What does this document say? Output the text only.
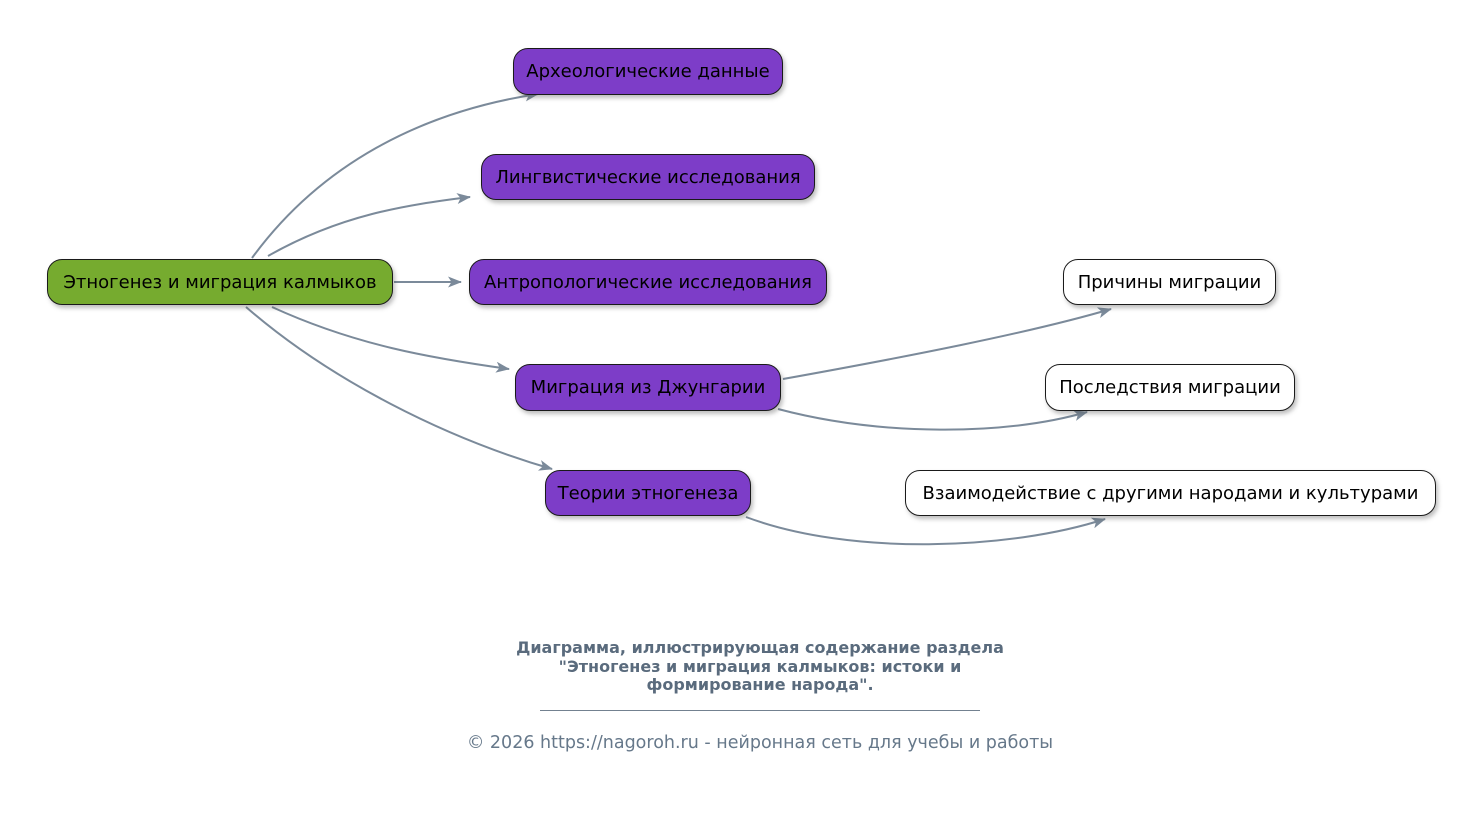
Этногенез и миграция калмыков
Археологические данные
Лингвистические исследования
Антропологические исследования
Миграция из Джунгарии
Теории этногенеза
Причины миграции
Последствия миграции
Взаимодействие с другими народами и культурами
Диаграмма, иллюстрирующая содержание раздела
"Этногенез и миграция калмыков: истоки и
формирование народа".
© 2026 https://nagoroh.ru - нейронная сеть для учебы и работы
